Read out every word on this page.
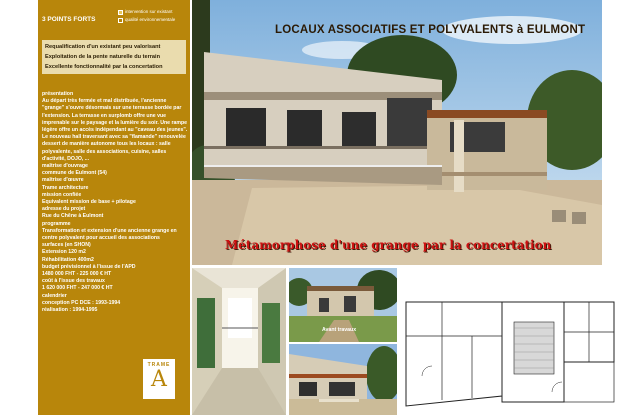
3 POINTS FORTS
intervention sur existant
qualité environnementale
Requalification d'un existant peu valorisant
Exploitation de la pente naturelle du terrain
Excellente fonctionnalité par la concertation
présentation

Au départ très fermée et mal distribuée, l'ancienne "grange" s'ouvre désormais sur une terrasse bordée par l'extension. La terrasse en surplomb offre une vue imprenable sur le paysage et la lumière du soir. Une rampe légère offre un accès indépendant au "caveau des jeunes". Le nouveau hall traversant avec sa "flamande" renouvelée dessert de manière autonome tous les locaux : salle polyvalente, salle des associations, cuisine, salles d'activité, DOJO, ...

maîtrise d'ouvrage

commune de Eulmont (54)

maîtrise d'œuvre

Trame architecture

mission confiée

Equivalent mission de base + pilotage

adresse du projet

Rue du Chêne à Eulmont

programme

Transformation et extension d'une ancienne grange en centre polyvalent pour accueil des associations

surfaces (en SHON)

Extension 120 m2

Réhabilitation 400m2

budget prévisionnel à l'issue de l'APD

1480 000 FHT - 225 000 € HT

coût à l'issue des travaux

1 620 000 FHT - 247 000 € HT

calendrier

conception PC DCE : 1993-1994

réalisation : 1994-1995

LOCAUX ASSOCIATIFS ET POLYVALENTS à EULMONT
Métamorphose d'une grange par la concertation
Avant travaux
TRAME
A
